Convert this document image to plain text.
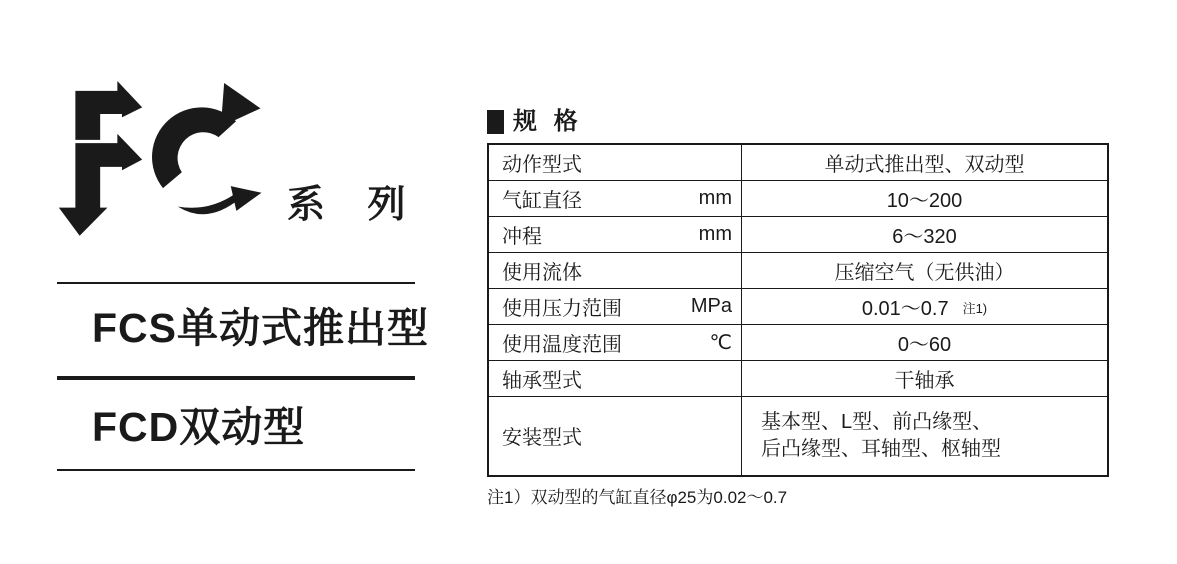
系 列
FCS单动式推出型
FCD双动型
规 格
动作型式	单动式推出型、双动型

气缸直径 mm	10～200

冲程 mm	6～320

使用流体	压缩空气（无供油）

使用压力范围 MPa	0.01～0.7 注1)

使用温度范围 ℃	0～60

轴承型式	干轴承

安装型式	基本型、L型、前凸缘型、
后凸缘型、耳轴型、枢轴型
注1）双动型的气缸直径φ25为0.02～0.7
